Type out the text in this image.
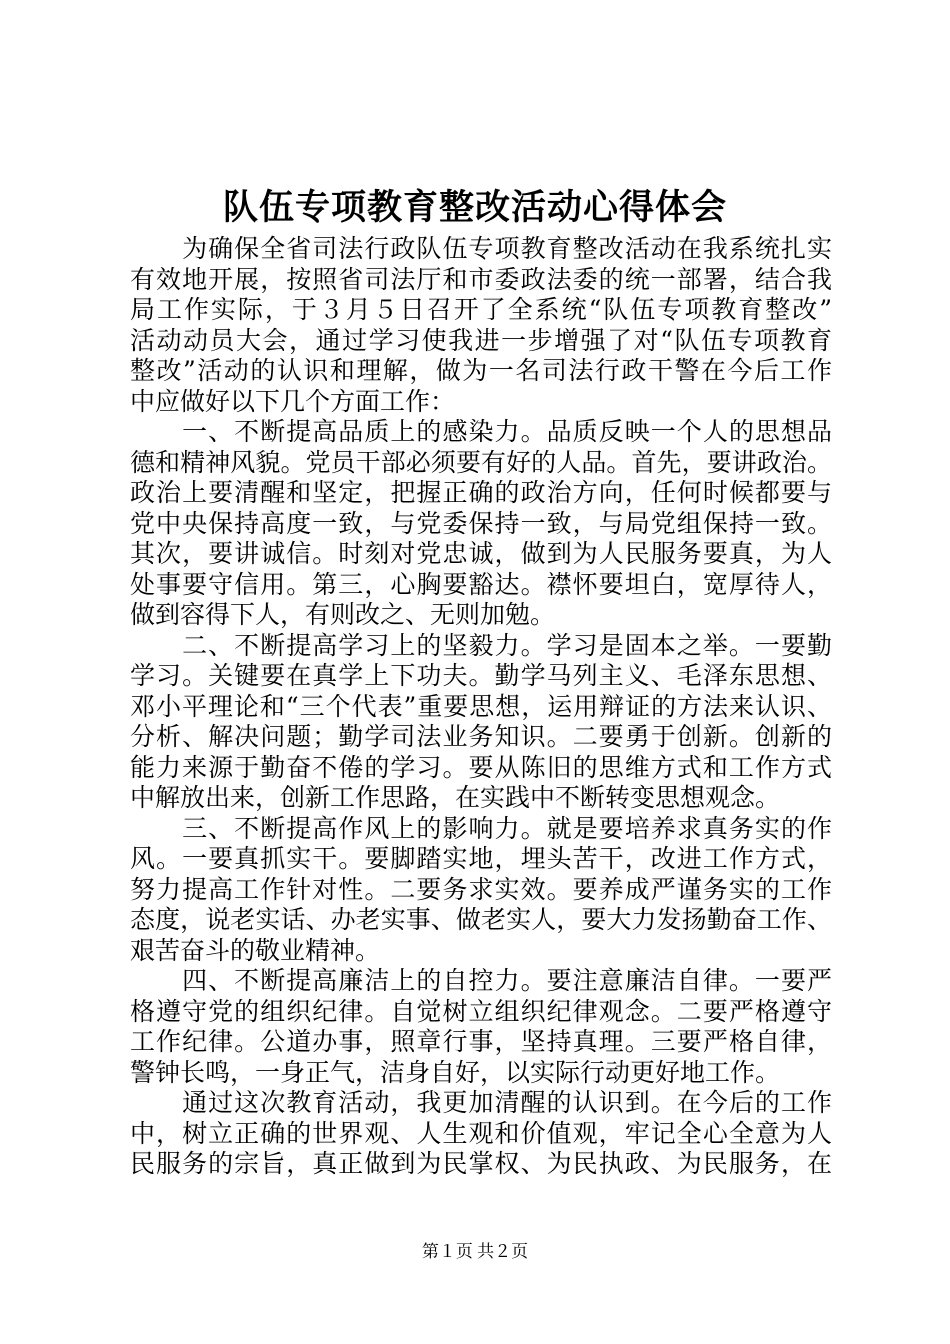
队伍专项教育整改活动心得体会
　　为确保全省司法行政队伍专项教育整改活动在我系统扎实
有效地开展，按照省司法厅和市委政法委的统一部署，结合我
局工作实际，于３月５日召开了全系统“队伍专项教育整改”
活动动员大会，通过学习使我进一步增强了对“队伍专项教育
整改”活动的认识和理解，做为一名司法行政干警在今后工作
中应做好以下几个方面工作：
　　一、不断提高品质上的感染力。品质反映一个人的思想品
德和精神风貌。党员干部必须要有好的人品。首先，要讲政治。
政治上要清醒和坚定，把握正确的政治方向，任何时候都要与
党中央保持高度一致，与党委保持一致，与局党组保持一致。
其次，要讲诚信。时刻对党忠诚，做到为人民服务要真，为人
处事要守信用。第三，心胸要豁达。襟怀要坦白，宽厚待人，
做到容得下人，有则改之、无则加勉。
　　二、不断提高学习上的坚毅力。学习是固本之举。一要勤
学习。关键要在真学上下功夫。勤学马列主义、毛泽东思想、
邓小平理论和“三个代表”重要思想，运用辩证的方法来认识、
分析、解决问题；勤学司法业务知识。二要勇于创新。创新的
能力来源于勤奋不倦的学习。要从陈旧的思维方式和工作方式
中解放出来，创新工作思路，在实践中不断转变思想观念。
　　三、不断提高作风上的影响力。就是要培养求真务实的作
风。一要真抓实干。要脚踏实地，埋头苦干，改进工作方式，
努力提高工作针对性。二要务求实效。要养成严谨务实的工作
态度，说老实话、办老实事、做老实人，要大力发扬勤奋工作、
艰苦奋斗的敬业精神。
　　四、不断提高廉洁上的自控力。要注意廉洁自律。一要严
格遵守党的组织纪律。自觉树立组织纪律观念。二要严格遵守
工作纪律。公道办事，照章行事，坚持真理。三要严格自律，
警钟长鸣，一身正气，洁身自好，以实际行动更好地工作。
　　通过这次教育活动，我更加清醒的认识到。在今后的工作
中，树立正确的世界观、人生观和价值观，牢记全心全意为人
民服务的宗旨，真正做到为民掌权、为民执政、为民服务，在
第１页 共２页
